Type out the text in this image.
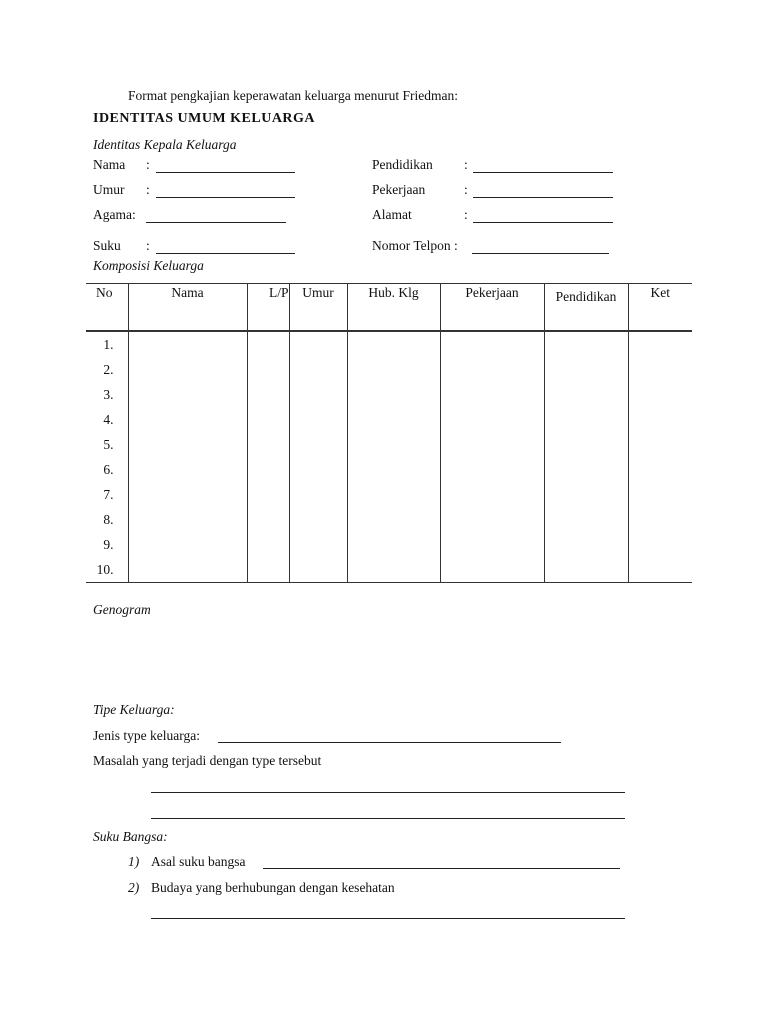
Format pengkajian keperawatan keluarga menurut Friedman:
IDENTITAS UMUM KELUARGA
Identitas Kepala Keluarga
Nama :
Umur :
Agama:
Suku :
Pendidikan :
Pekerjaan	:
Alamat	:
Nomor Telpon :
Komposisi Keluarga
No	Nama	L/P	Umur	Hub. Klg	Pekerjaan	Pendidikan	Ket
1.							
2.							
3.							
4.							
5.							
6.							
7.							
8.							
9.							
10.							
Genogram
Tipe Keluarga:
Jenis type keluarga:
Masalah yang terjadi dengan type tersebut
Suku Bangsa:
1) Asal suku bangsa
2) Budaya yang berhubungan dengan kesehatan
